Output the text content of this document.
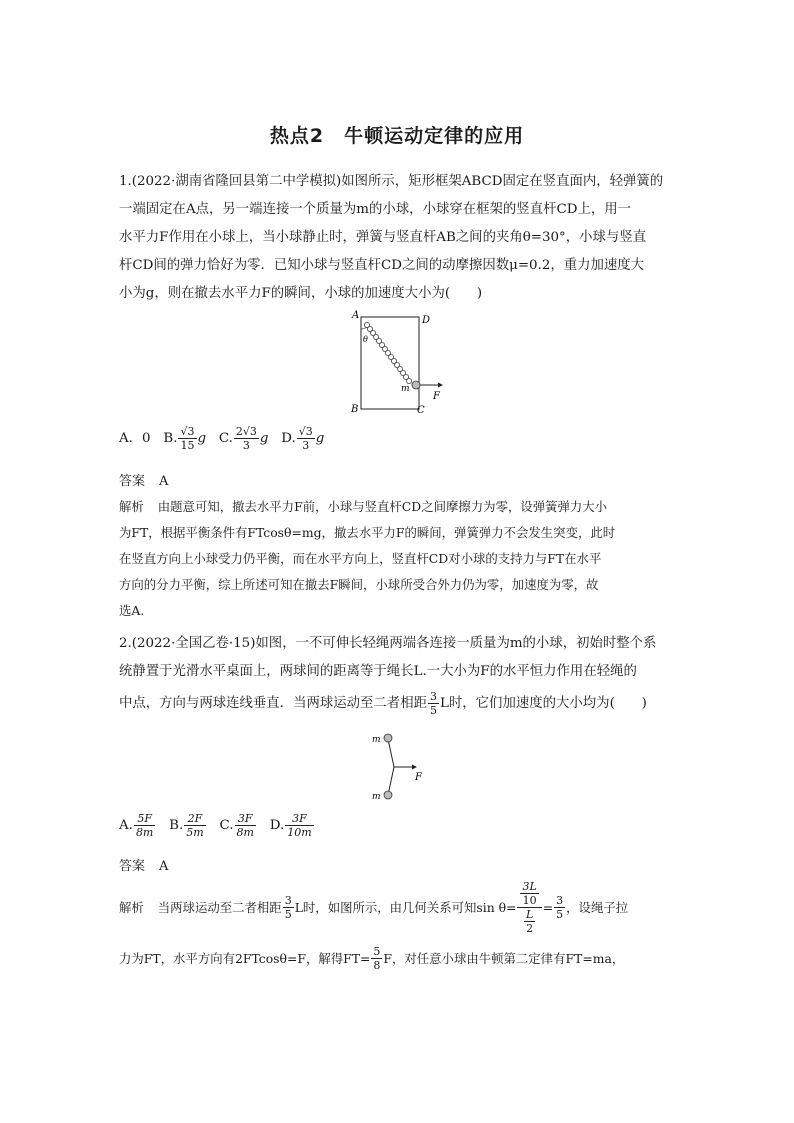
热点2　牛顿运动定律的应用
1.(2022·湖南省隆回县第二中学模拟)如图所示，矩形框架ABCD固定在竖直面内，轻弹簧的
一端固定在A点，另一端连接一个质量为m的小球，小球穿在框架的竖直杆CD上，用一
水平力F作用在小球上，当小球静止时，弹簧与竖直杆AB之间的夹角θ=30°，小球与竖直
杆CD间的弹力恰好为零．已知小球与竖直杆CD之间的动摩擦因数μ=0.2，重力加速度大
小为g，则在撤去水平力F的瞬间，小球的加速度大小为(　　)
A	D
B	C
θ
m
F
A．0 B. $\frac{√3}{15}$ g C. $\frac{2√3}{3}$ g D. $\frac{√3}{3}$ g
答案 A
解析 由题意可知，撤去水平力F前，小球与竖直杆CD之间摩擦力为零，设弹簧弹力大小
为FT，根据平衡条件有FTcosθ=mg，撤去水平力F的瞬间，弹簧弹力不会发生突变，此时
在竖直方向上小球受力仍平衡，而在水平方向上，竖直杆CD对小球的支持力与FT在水平
方向的分力平衡，综上所述可知在撤去F瞬间，小球所受合外力仍为零，加速度为零，故
选A.
2.(2022·全国乙卷·15)如图，一不可伸长轻绳两端各连接一质量为m的小球，初始时整个系
统静置于光滑水平桌面上，两球间的距离等于绳长L.一大小为F的水平恒力作用在轻绳的
中点，方向与两球连线垂直．当两球运动至二者相距 $\frac{3}{5}$ L时，它们加速度的大小均为(　　)
m
m
F
A. $\frac{5F}{8m} B$. $\frac{2F}{5m} C$. $\frac{3F}{8m} D$. $\frac{3F}{10m}$
答案 A
解析 当两球运动至二者相距 $\frac{3}{5}$ L时，如图所示，由几何关系可知$\sin \theta= \frac{\frac{3L}{10}}{\frac{L}{2}} = \frac{3}{5}$ ，设绳子拉
力为FT，水平方向有2FTcosθ=F，解得$FT= \frac{5}{8}$ F，对任意小球由牛顿第二定律有FT=ma，
